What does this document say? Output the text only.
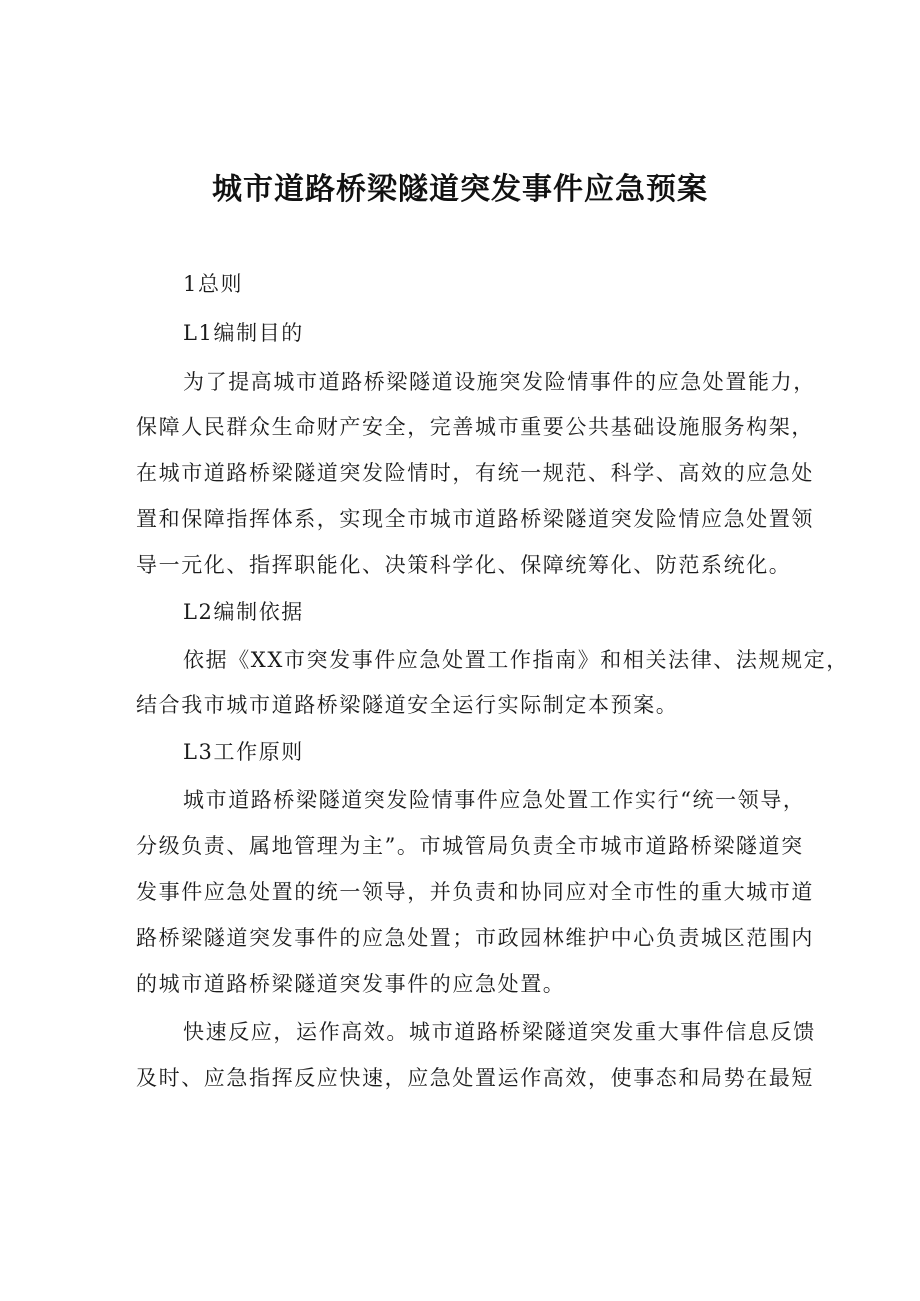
城市道路桥梁隧道突发事件应急预案
1总则
L1编制目的
为了提高城市道路桥梁隧道设施突发险情事件的应急处置能力，
保障人民群众生命财产安全，完善城市重要公共基础设施服务构架，
在城市道路桥梁隧道突发险情时，有统一规范、科学、高效的应急处
置和保障指挥体系，实现全市城市道路桥梁隧道突发险情应急处置领
导一元化、指挥职能化、决策科学化、保障统筹化、防范系统化。
L2编制依据
依据《XX市突发事件应急处置工作指南》和相关法律、法规规定，
结合我市城市道路桥梁隧道安全运行实际制定本预案。
L3工作原则
城市道路桥梁隧道突发险情事件应急处置工作实行“统一领导，
分级负责、属地管理为主”。市城管局负责全市城市道路桥梁隧道突
发事件应急处置的统一领导，并负责和协同应对全市性的重大城市道
路桥梁隧道突发事件的应急处置；市政园林维护中心负责城区范围内
的城市道路桥梁隧道突发事件的应急处置。
快速反应，运作高效。城市道路桥梁隧道突发重大事件信息反馈
及时、应急指挥反应快速，应急处置运作高效，使事态和局势在最短
